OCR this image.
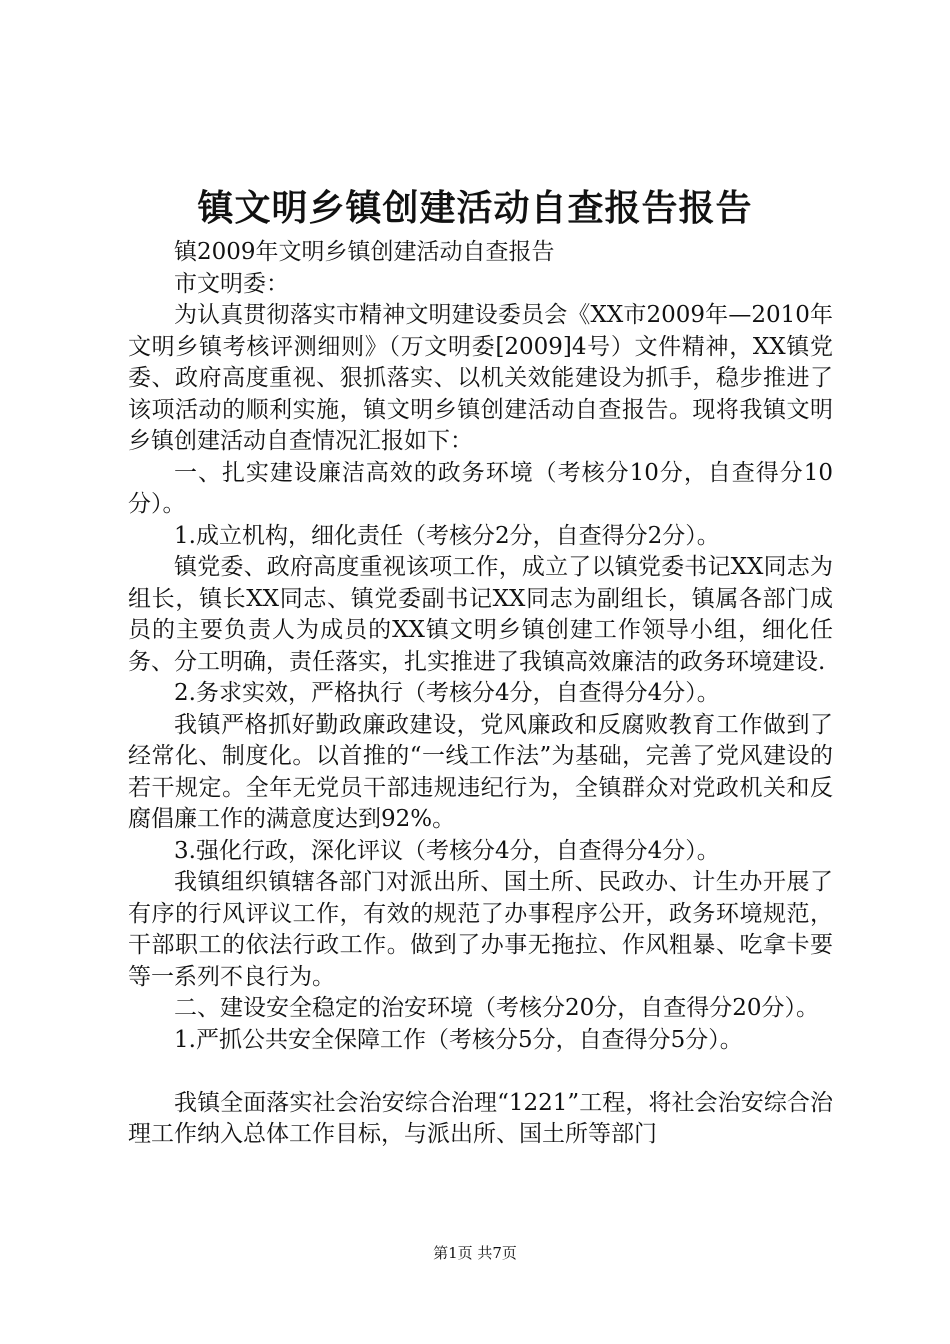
镇文明乡镇创建活动自查报告报告

镇2009年文明乡镇创建活动自查报告

市文明委：

为认真贯彻落实市精神文明建设委员会《XX市2009年—2010年文明乡镇考核评测细则》（万文明委[2009]4号）文件精神，XX镇党委、政府高度重视、狠抓落实、以机关效能建设为抓手，稳步推进了该项活动的顺利实施，镇文明乡镇创建活动自查报告。现将我镇文明乡镇创建活动自查情况汇报如下：

一、扎实建设廉洁高效的政务环境（考核分10分，自查得分10分）。

1.成立机构，细化责任（考核分2分，自查得分2分）。

镇党委、政府高度重视该项工作，成立了以镇党委书记XX同志为组长，镇长XX同志、镇党委副书记XX同志为副组长，镇属各部门成员的主要负责人为成员的XX镇文明乡镇创建工作领导小组，细化任务、分工明确，责任落实，扎实推进了我镇高效廉洁的政务环境建设.

2.务求实效，严格执行（考核分4分，自查得分4分）。

我镇严格抓好勤政廉政建设，党风廉政和反腐败教育工作做到了经常化、制度化。以首推的“一线工作法”为基础，完善了党风建设的若干规定。全年无党员干部违规违纪行为，全镇群众对党政机关和反腐倡廉工作的满意度达到92%。

3.强化行政，深化评议（考核分4分，自查得分4分）。

我镇组织镇辖各部门对派出所、国土所、民政办、计生办开展了有序的行风评议工作，有效的规范了办事程序公开，政务环境规范，干部职工的依法行政工作。做到了办事无拖拉、作风粗暴、吃拿卡要等一系列不良行为。

二、建设安全稳定的治安环境（考核分20分，自查得分20分）。

1.严抓公共安全保障工作（考核分5分，自查得分5分）。

我镇全面落实社会治安综合治理“1221”工程，将社会治安综合治理工作纳入总体工作目标，与派出所、国土所等部门

第1页 共7页
